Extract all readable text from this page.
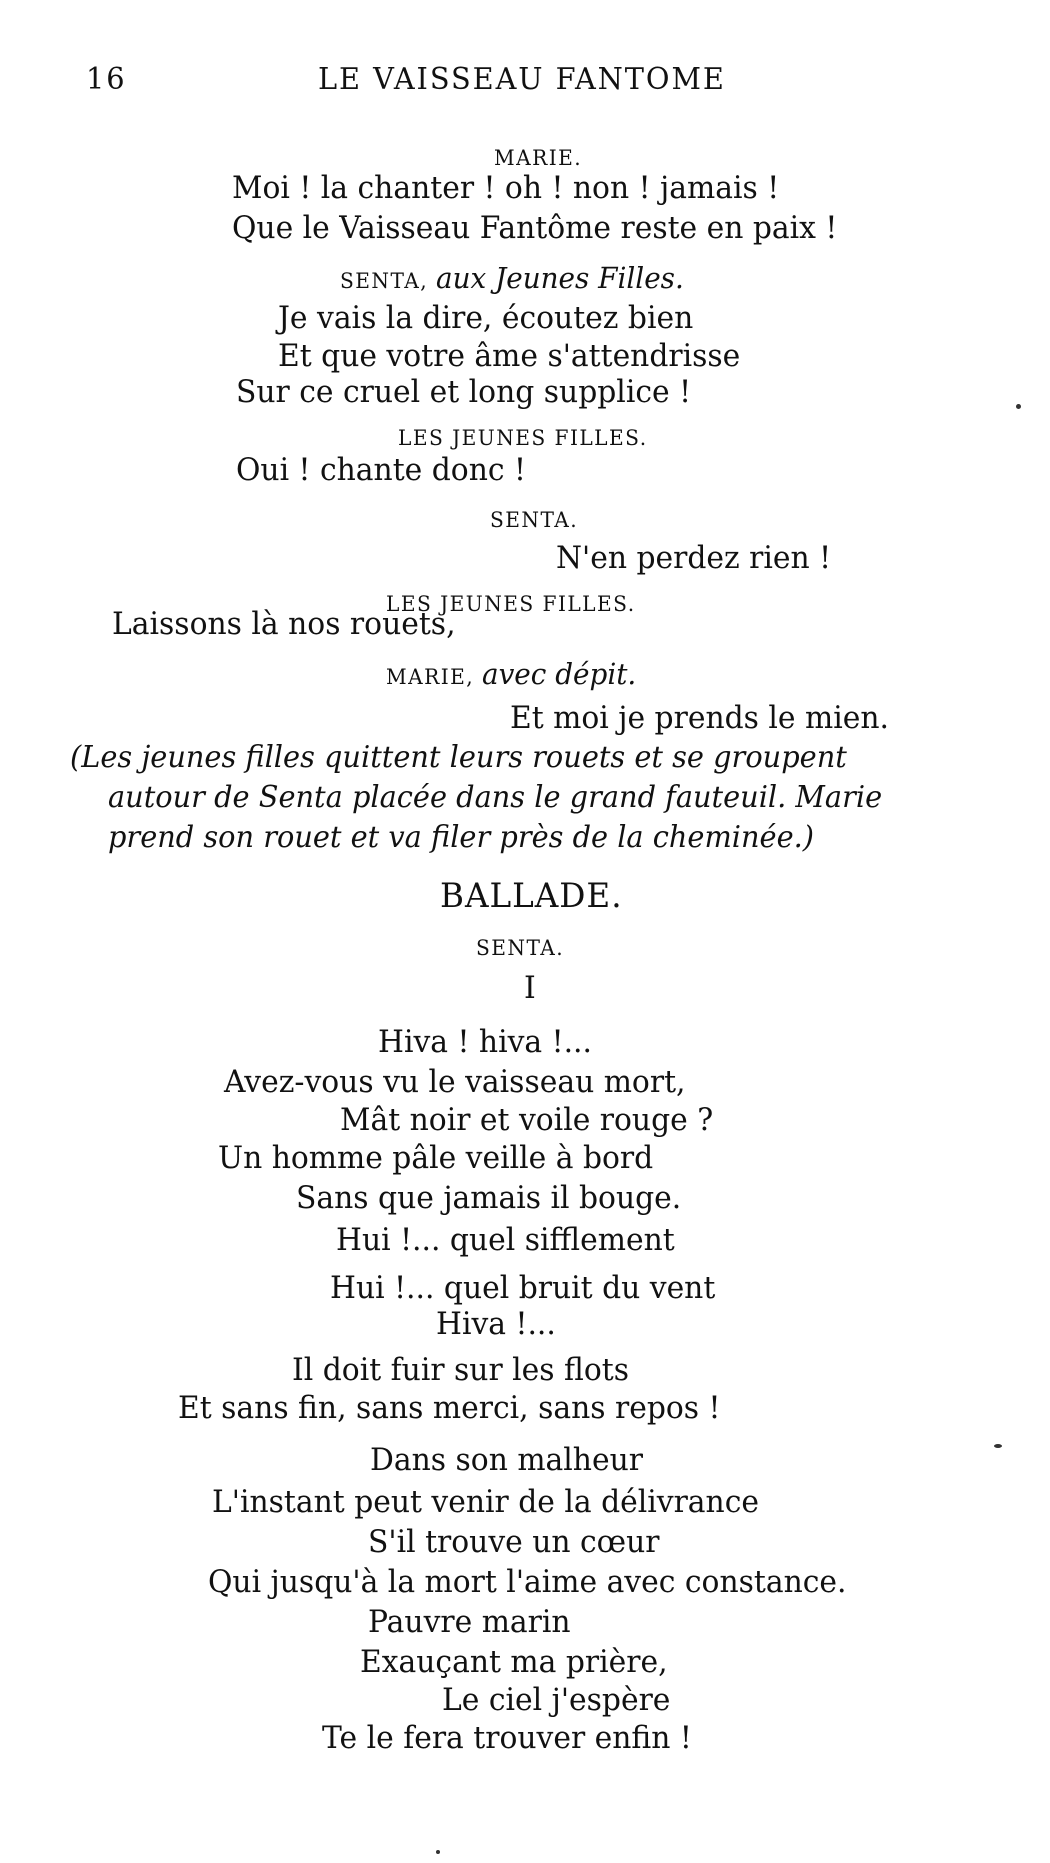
16	LE VAISSEAU FANTOME
MARIE.
Moi ! la chanter ! oh ! non ! jamais !
Que le Vaisseau Fantôme reste en paix !
SENTA, aux Jeunes Filles.
Je vais la dire, écoutez bien
Et que votre âme s'attendrisse
Sur ce cruel et long supplice !
LES JEUNES FILLES.
Oui ! chante donc !
SENTA.
N'en perdez rien !
LES JEUNES FILLES.
Laissons là nos rouets,
MARIE, avec dépit.
Et moi je prends le mien.
(Les jeunes filles quittent leurs rouets et se groupent
autour de Senta placée dans le grand fauteuil. Marie
prend son rouet et va filer près de la cheminée.)
BALLADE.
SENTA.
I
Hiva ! hiva !...
Avez-vous vu le vaisseau mort,
Mât noir et voile rouge ?
Un homme pâle veille à bord
Sans que jamais il bouge.
Hui !... quel sifflement
Hui !... quel bruit du vent
Hiva !...
Il doit fuir sur les flots
Et sans fin, sans merci, sans repos !
Dans son malheur
L'instant peut venir de la délivrance
S'il trouve un cœur
Qui jusqu'à la mort l'aime avec constance.
Pauvre marin
Exauçant ma prière,
Le ciel j'espère
Te le fera trouver enfin !
